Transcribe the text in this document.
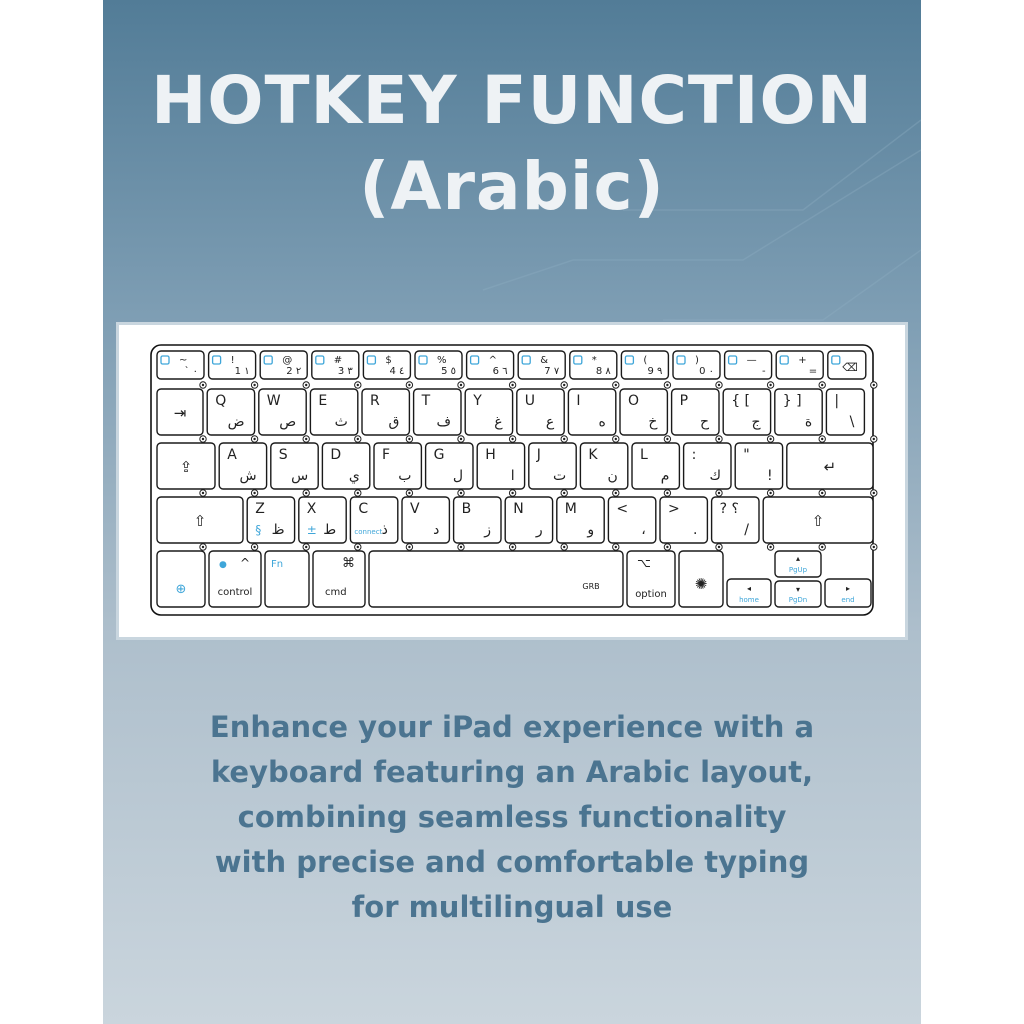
HOTKEY FUNCTION
(Arabic)

Enhance your iPad experience with a
keyboard featuring an Arabic layout,
combining seamless functionality
with precise and comfortable typing
for multilingual use

~
` ٠
!
1 ١
@
2 ٢
#
3 ٣
$
4 ٤
%
5 ٥
^
6 ٦
&
7 ٧
*
8 ٨
(
9 ٩
)
0 ٠
—
-
+
= ⌫
⇥
Q
ض
W
ص
E
ث
R
ق
T
ف
Y
غ
U
ع
I
ه
O
خ
P
ح
{ [
ج
} ]
ة
|
\
⇪
A
ش
S
س
D
ي
F
ب
G
ل
H
ا
J
ت
K
ن
L
م
:
ك
"
!	↵
⇧
Z
ظ
X
ط
C
ذ
V
د
B
ز
N
ر
M
و
<
،
>
.
? ؟
/	⇧
§	±	connect
⊕
● ^
control
Fn	⌘
cmd
GRB
⌥
option
✺	◂
home
▴
PgUp
▾
PgDn
▸
end
